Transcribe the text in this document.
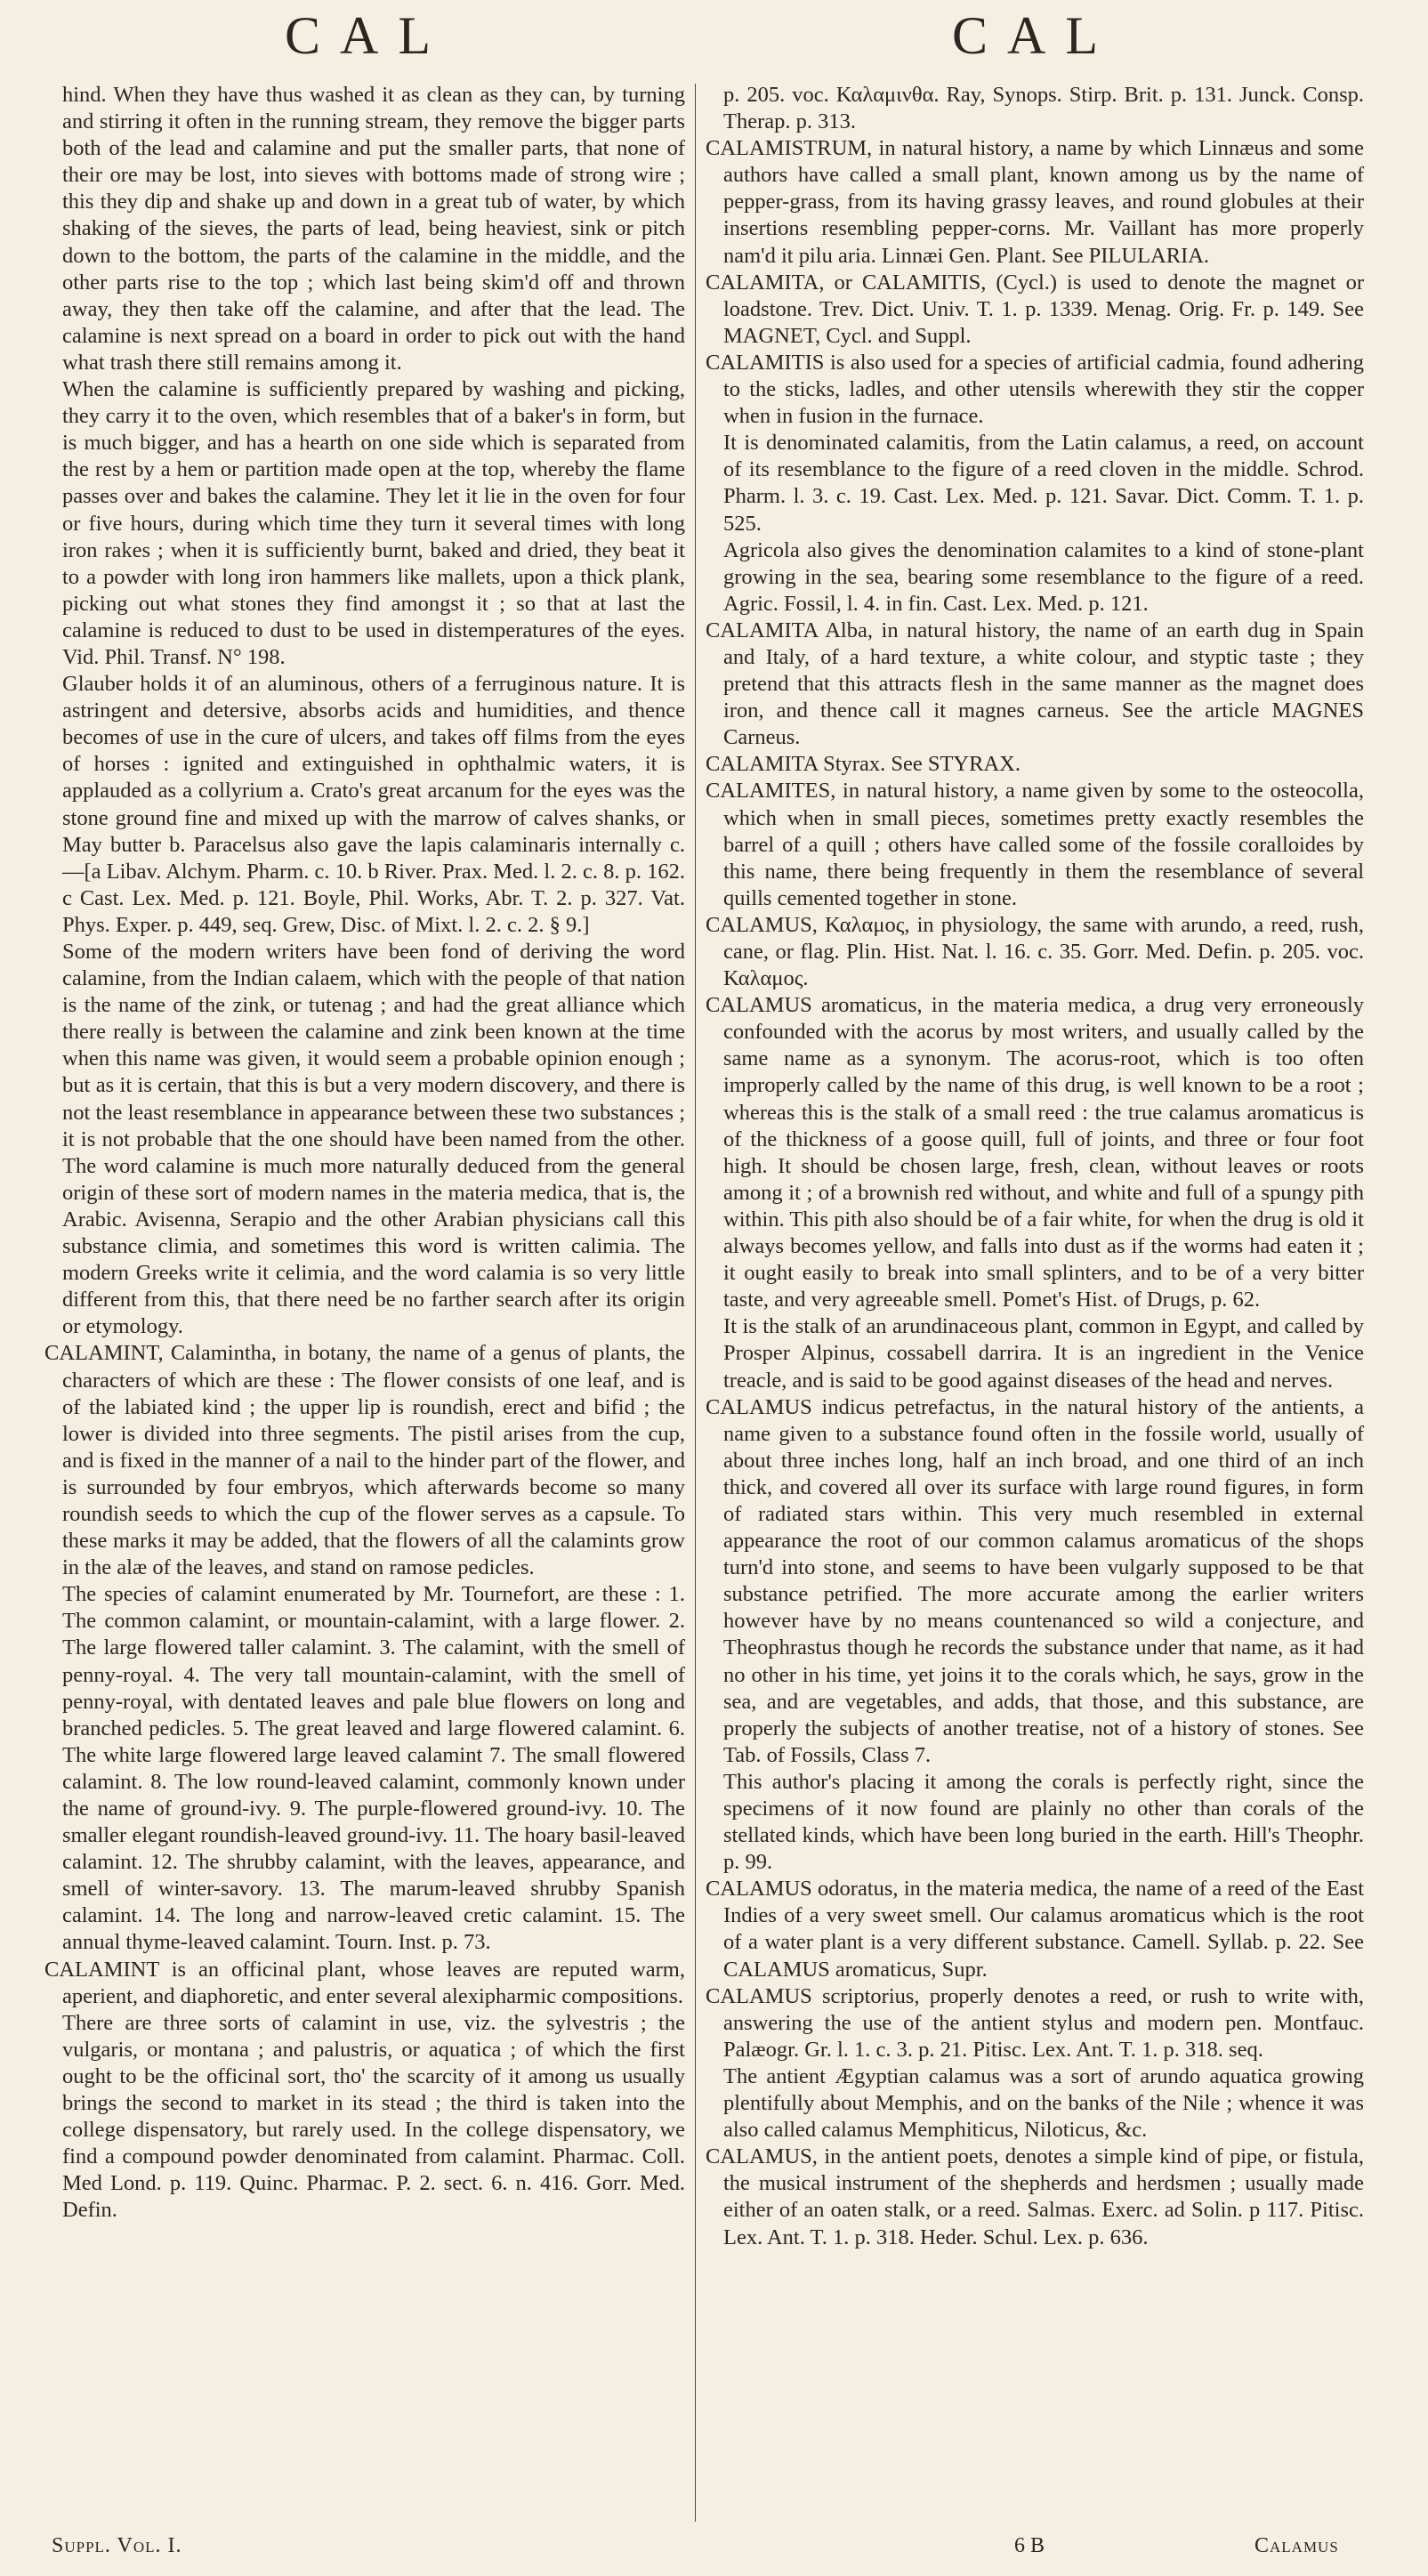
CAL	CAL

hind. When they have thus washed it as clean as they can, by turning and stirring it often in the running stream, they remove the bigger parts both of the lead and calamine and put the smaller parts, that none of their ore may be lost, into sieves with bottoms made of strong wire ; this they dip and shake up and down in a great tub of water, by which shaking of the sieves, the parts of lead, being heaviest, sink or pitch down to the bottom, the parts of the calamine in the middle, and the other parts rise to the top ; which last being skim'd off and thrown away, they then take off the calamine, and after that the lead. The calamine is next spread on a board in order to pick out with the hand what trash there still remains among it.

When the calamine is sufficiently prepared by washing and picking, they carry it to the oven, which resembles that of a baker's in form, but is much bigger, and has a hearth on one side which is separated from the rest by a hem or partition made open at the top, whereby the flame passes over and bakes the calamine. They let it lie in the oven for four or five hours, during which time they turn it several times with long iron rakes ; when it is sufficiently burnt, baked and dried, they beat it to a powder with long iron hammers like mallets, upon a thick plank, picking out what stones they find amongst it ; so that at last the calamine is reduced to dust to be used in distemperatures of the eyes. Vid. Phil. Transf. N° 198.

Glauber holds it of an aluminous, others of a ferruginous nature. It is astringent and detersive, absorbs acids and humidities, and thence becomes of use in the cure of ulcers, and takes off films from the eyes of horses : ignited and extinguished in ophthalmic waters, it is applauded as a collyrium a. Crato's great arcanum for the eyes was the stone ground fine and mixed up with the marrow of calves shanks, or May butter b. Paracelsus also gave the lapis calaminaris internally c. —[a Libav. Alchym. Pharm. c. 10. b River. Prax. Med. l. 2. c. 8. p. 162. c Cast. Lex. Med. p. 121. Boyle, Phil. Works, Abr. T. 2. p. 327. Vat. Phys. Exper. p. 449, seq. Grew, Disc. of Mixt. l. 2. c. 2. § 9.]

Some of the modern writers have been fond of deriving the word calamine, from the Indian calaem, which with the people of that nation is the name of the zink, or tutenag ; and had the great alliance which there really is between the calamine and zink been known at the time when this name was given, it would seem a probable opinion enough ; but as it is certain, that this is but a very modern discovery, and there is not the least resemblance in appearance between these two substances ; it is not probable that the one should have been named from the other. The word calamine is much more naturally deduced from the general origin of these sort of modern names in the materia medica, that is, the Arabic. Avisenna, Serapio and the other Arabian physicians call this substance climia, and sometimes this word is written calimia. The modern Greeks write it celimia, and the word calamia is so very little different from this, that there need be no farther search after its origin or etymology.

CALAMINT, Calamintha, in botany, the name of a genus of plants, the characters of which are these : The flower consists of one leaf, and is of the labiated kind ; the upper lip is roundish, erect and bifid ; the lower is divided into three segments. The pistil arises from the cup, and is fixed in the manner of a nail to the hinder part of the flower, and is surrounded by four embryos, which afterwards become so many roundish seeds to which the cup of the flower serves as a capsule. To these marks it may be added, that the flowers of all the calamints grow in the alæ of the leaves, and stand on ramose pedicles.

The species of calamint enumerated by Mr. Tournefort, are these : 1. The common calamint, or mountain-calamint, with a large flower. 2. The large flowered taller calamint. 3. The calamint, with the smell of penny-royal. 4. The very tall mountain-calamint, with the smell of penny-royal, with dentated leaves and pale blue flowers on long and branched pedicles. 5. The great leaved and large flowered calamint. 6. The white large flowered large leaved calamint 7. The small flowered calamint. 8. The low round-leaved calamint, commonly known under the name of ground-ivy. 9. The purple-flowered ground-ivy. 10. The smaller elegant roundish-leaved ground-ivy. 11. The hoary basil-leaved calamint. 12. The shrubby calamint, with the leaves, appearance, and smell of winter-savory. 13. The marum-leaved shrubby Spanish calamint. 14. The long and narrow-leaved cretic calamint. 15. The annual thyme-leaved calamint. Tourn. Inst. p. 73.

CALAMINT is an officinal plant, whose leaves are reputed warm, aperient, and diaphoretic, and enter several alexipharmic compositions.

There are three sorts of calamint in use, viz. the sylvestris ; the vulgaris, or montana ; and palustris, or aquatica ; of which the first ought to be the officinal sort, tho' the scarcity of it among us usually brings the second to market in its stead ; the third is taken into the college dispensatory, but rarely used. In the college dispensatory, we find a compound powder denominated from calamint. Pharmac. Coll. Med Lond. p. 119. Quinc. Pharmac. P. 2. sect. 6. n. 416. Gorr. Med. Defin.

p. 205. voc. Καλαμινθα. Ray, Synops. Stirp. Brit. p. 131. Junck. Consp. Therap. p. 313.

CALAMISTRUM, in natural history, a name by which Linnæus and some authors have called a small plant, known among us by the name of pepper-grass, from its having grassy leaves, and round globules at their insertions resembling pepper-corns. Mr. Vaillant has more properly nam'd it pilu aria. Linnæi Gen. Plant. See PILULARIA.

CALAMITA, or CALAMITIS, (Cycl.) is used to denote the magnet or loadstone. Trev. Dict. Univ. T. 1. p. 1339. Menag. Orig. Fr. p. 149. See MAGNET, Cycl. and Suppl.

CALAMITIS is also used for a species of artificial cadmia, found adhering to the sticks, ladles, and other utensils wherewith they stir the copper when in fusion in the furnace.

It is denominated calamitis, from the Latin calamus, a reed, on account of its resemblance to the figure of a reed cloven in the middle. Schrod. Pharm. l. 3. c. 19. Cast. Lex. Med. p. 121. Savar. Dict. Comm. T. 1. p. 525.

Agricola also gives the denomination calamites to a kind of stone-plant growing in the sea, bearing some resemblance to the figure of a reed. Agric. Fossil, l. 4. in fin. Cast. Lex. Med. p. 121.

CALAMITA Alba, in natural history, the name of an earth dug in Spain and Italy, of a hard texture, a white colour, and styptic taste ; they pretend that this attracts flesh in the same manner as the magnet does iron, and thence call it magnes carneus. See the article MAGNES Carneus.

CALAMITA Styrax. See STYRAX.

CALAMITES, in natural history, a name given by some to the osteocolla, which when in small pieces, sometimes pretty exactly resembles the barrel of a quill ; others have called some of the fossile coralloides by this name, there being frequently in them the resemblance of several quills cemented together in stone.

CALAMUS, Καλαμος, in physiology, the same with arundo, a reed, rush, cane, or flag. Plin. Hist. Nat. l. 16. c. 35. Gorr. Med. Defin. p. 205. voc. Καλαμος.

CALAMUS aromaticus, in the materia medica, a drug very erroneously confounded with the acorus by most writers, and usually called by the same name as a synonym. The acorus-root, which is too often improperly called by the name of this drug, is well known to be a root ; whereas this is the stalk of a small reed : the true calamus aromaticus is of the thickness of a goose quill, full of joints, and three or four foot high. It should be chosen large, fresh, clean, without leaves or roots among it ; of a brownish red without, and white and full of a spungy pith within. This pith also should be of a fair white, for when the drug is old it always becomes yellow, and falls into dust as if the worms had eaten it ; it ought easily to break into small splinters, and to be of a very bitter taste, and very agreeable smell. Pomet's Hist. of Drugs, p. 62.

It is the stalk of an arundinaceous plant, common in Egypt, and called by Prosper Alpinus, cossabell darrira. It is an ingredient in the Venice treacle, and is said to be good against diseases of the head and nerves.

CALAMUS indicus petrefactus, in the natural history of the antients, a name given to a substance found often in the fossile world, usually of about three inches long, half an inch broad, and one third of an inch thick, and covered all over its surface with large round figures, in form of radiated stars within. This very much resembled in external appearance the root of our common calamus aromaticus of the shops turn'd into stone, and seems to have been vulgarly supposed to be that substance petrified. The more accurate among the earlier writers however have by no means countenanced so wild a conjecture, and Theophrastus though he records the substance under that name, as it had no other in his time, yet joins it to the corals which, he says, grow in the sea, and are vegetables, and adds, that those, and this substance, are properly the subjects of another treatise, not of a history of stones. See Tab. of Fossils, Class 7.

This author's placing it among the corals is perfectly right, since the specimens of it now found are plainly no other than corals of the stellated kinds, which have been long buried in the earth. Hill's Theophr. p. 99.

CALAMUS odoratus, in the materia medica, the name of a reed of the East Indies of a very sweet smell. Our calamus aromaticus which is the root of a water plant is a very different substance. Camell. Syllab. p. 22. See CALAMUS aromaticus, Supr.

CALAMUS scriptorius, properly denotes a reed, or rush to write with, answering the use of the antient stylus and modern pen. Montfauc. Palæogr. Gr. l. 1. c. 3. p. 21. Pitisc. Lex. Ant. T. 1. p. 318. seq.

The antient Ægyptian calamus was a sort of arundo aquatica growing plentifully about Memphis, and on the banks of the Nile ; whence it was also called calamus Memphiticus, Niloticus, &c.

CALAMUS, in the antient poets, denotes a simple kind of pipe, or fistula, the musical instrument of the shepherds and herdsmen ; usually made either of an oaten stalk, or a reed. Salmas. Exerc. ad Solin. p 117. Pitisc. Lex. Ant. T. 1. p. 318. Heder. Schul. Lex. p. 636.

Suppl. Vol. I.	6 B	Calamus
